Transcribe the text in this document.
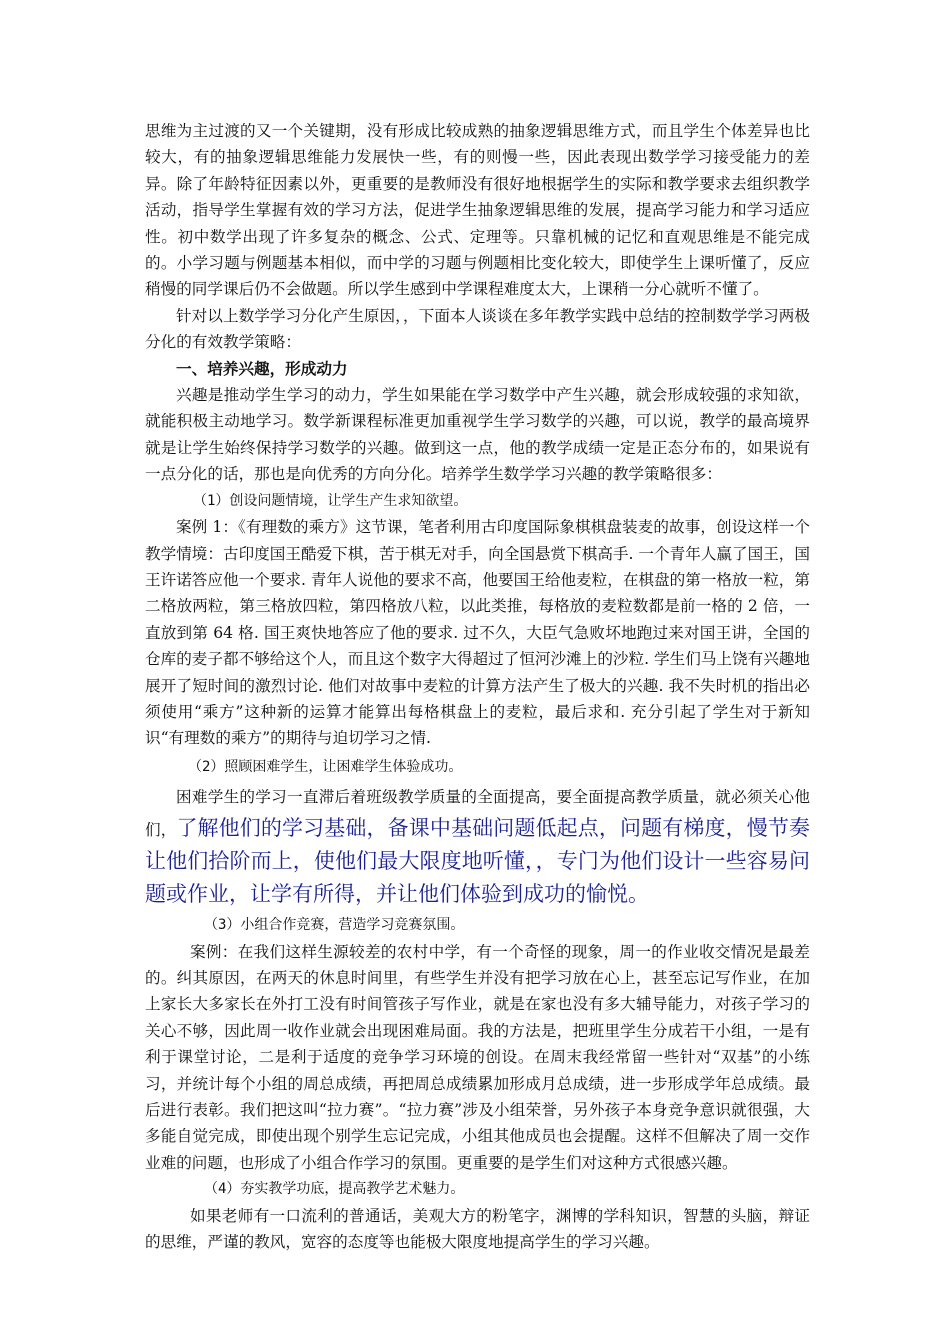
思维为主过渡的又一个关键期，没有形成比较成熟的抽象逻辑思维方式，而且学生个体差异也比较大，有的抽象逻辑思维能力发展快一些，有的则慢一些，因此表现出数学学习接受能力的差异。除了年龄特征因素以外，更重要的是教师没有很好地根据学生的实际和教学要求去组织教学活动，指导学生掌握有效的学习方法，促进学生抽象逻辑思维的发展，提高学习能力和学习适应性。初中数学出现了许多复杂的概念、公式、定理等。只靠机械的记忆和直观思维是不能完成的。小学习题与例题基本相似，而中学的习题与例题相比变化较大，即使学生上课听懂了，反应稍慢的同学课后仍不会做题。所以学生感到中学课程难度太大，上课稍一分心就听不懂了。

针对以上数学学习分化产生原因，，下面本人谈谈在多年教学实践中总结的控制数学学习两极分化的有效教学策略：

一、培养兴趣，形成动力

兴趣是推动学生学习的动力，学生如果能在学习数学中产生兴趣，就会形成较强的求知欲，就能积极主动地学习。数学新课程标准更加重视学生学习数学的兴趣，可以说，教学的最高境界就是让学生始终保持学习数学的兴趣。做到这一点，他的教学成绩一定是正态分布的，如果说有一点分化的话，那也是向优秀的方向分化。培养学生数学学习兴趣的教学策略很多：

（1）创设问题情境，让学生产生求知欲望。

案例 1：《有理数的乘方》这节课，笔者利用古印度国际象棋棋盘装麦的故事，创设这样一个教学情境：古印度国王酷爱下棋，苦于棋无对手，向全国悬赏下棋高手. 一个青年人赢了国王，国王许诺答应他一个要求. 青年人说他的要求不高，他要国王给他麦粒，在棋盘的第一格放一粒，第二格放两粒，第三格放四粒，第四格放八粒，以此类推，每格放的麦粒数都是前一格的 2 倍，一直放到第 64 格. 国王爽快地答应了他的要求. 过不久，大臣气急败坏地跑过来对国王讲，全国的仓库的麦子都不够给这个人，而且这个数字大得超过了恒河沙滩上的沙粒. 学生们马上饶有兴趣地展开了短时间的激烈讨论. 他们对故事中麦粒的计算方法产生了极大的兴趣. 我不失时机的指出必须使用“乘方”这种新的运算才能算出每格棋盘上的麦粒，最后求和. 充分引起了学生对于新知识“有理数的乘方”的期待与迫切学习之情.

（2）照顾困难学生，让困难学生体验成功。

困难学生的学习一直滞后着班级教学质量的全面提高，要全面提高教学质量，就必须关心他们，了解他们的学习基础，备课中基础问题低起点，问题有梯度，慢节奏让他们拾阶而上，使他们最大限度地听懂，，专门为他们设计一些容易问题或作业，让学有所得，并让他们体验到成功的愉悦。

（3）小组合作竞赛，营造学习竞赛氛围。

案例：在我们这样生源较差的农村中学，有一个奇怪的现象，周一的作业收交情况是最差的。纠其原因，在两天的休息时间里，有些学生并没有把学习放在心上，甚至忘记写作业，在加上家长大多家长在外打工没有时间管孩子写作业，就是在家也没有多大辅导能力，对孩子学习的关心不够，因此周一收作业就会出现困难局面。我的方法是，把班里学生分成若干小组，一是有利于课堂讨论，二是利于适度的竞争学习环境的创设。在周末我经常留一些针对“双基”的小练习，并统计每个小组的周总成绩，再把周总成绩累加形成月总成绩，进一步形成学年总成绩。最后进行表彰。我们把这叫“拉力赛”。“拉力赛”涉及小组荣誉，另外孩子本身竞争意识就很强，大多能自觉完成，即使出现个别学生忘记完成，小组其他成员也会提醒。这样不但解决了周一交作业难的问题，也形成了小组合作学习的氛围。更重要的是学生们对这种方式很感兴趣。

（4）夯实教学功底，提高教学艺术魅力。

如果老师有一口流利的普通话，美观大方的粉笔字，渊博的学科知识，智慧的头脑，辩证的思维，严谨的教风，宽容的态度等也能极大限度地提高学生的学习兴趣。
